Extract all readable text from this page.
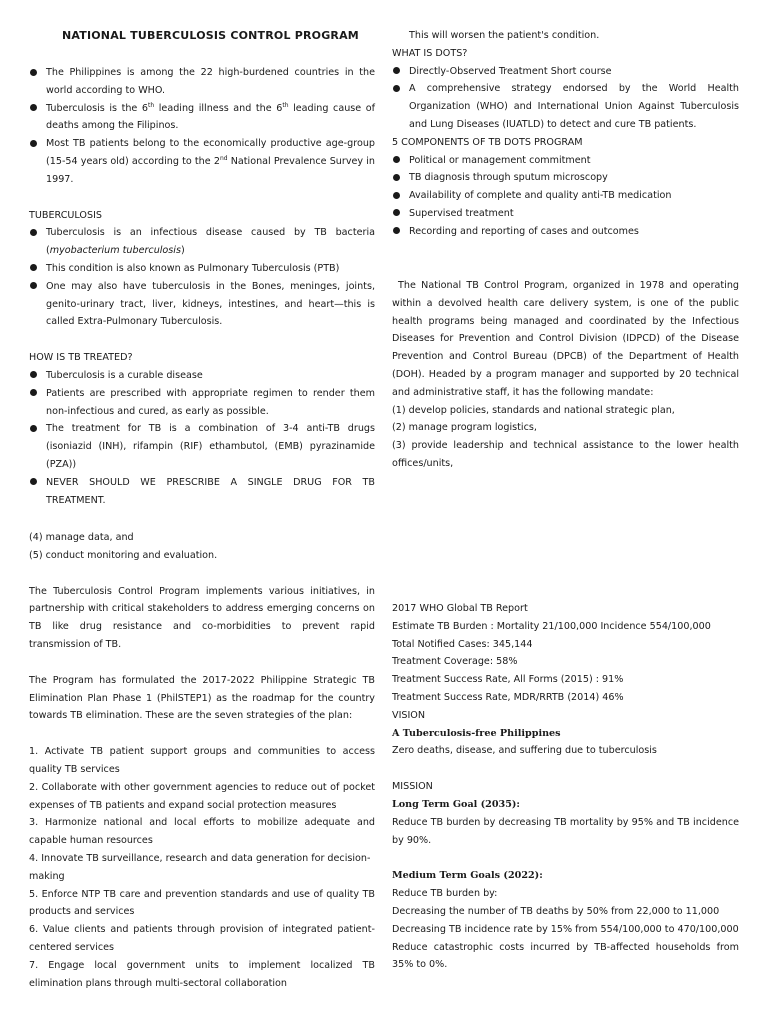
NATIONAL TUBERCULOSIS CONTROL PROGRAM
The Philippines is among the 22 high-burdened countries in the world according to WHO.
Tuberculosis is the 6th leading illness and the 6th leading cause of deaths among the Filipinos.
Most TB patients belong to the economically productive age-group (15-54 years old) according to the 2nd National Prevalence Survey in 1997.

TUBERCULOSIS

Tuberculosis is an infectious disease caused by TB bacteria (myobacterium tuberculosis)
This condition is also known as Pulmonary Tuberculosis (PTB)
One may also have tuberculosis in the Bones, meninges, joints, genito-urinary tract, liver, kidneys, intestines, and heart—this is called Extra-Pulmonary Tuberculosis.

HOW IS TB TREATED?

Tuberculosis is a curable disease
Patients are prescribed with appropriate regimen to render them non-infectious and cured, as early as possible.
The treatment for TB is a combination of 3-4 anti-TB drugs (isoniazid (INH), rifampin (RIF) ethambutol, (EMB) pyrazinamide (PZA))
NEVER SHOULD WE PRESCRIBE A SINGLE DRUG FOR TB TREATMENT.

This will worsen the patient's condition.

WHAT IS DOTS?

Directly-Observed Treatment Short course
A comprehensive strategy endorsed by the World Health Organization (WHO) and International Union Against Tuberculosis and Lung Diseases (IUATLD) to detect and cure TB patients.

5 COMPONENTS OF TB DOTS PROGRAM

Political or management commitment
TB diagnosis through sputum microscopy
Availability of complete and quality anti-TB medication
Supervised treatment
Recording and reporting of cases and outcomes

The National TB Control Program, organized in 1978 and operating within a devolved health care delivery system, is one of the public health programs being managed and coordinated by the Infectious Diseases for Prevention and Control Division (IDPCD) of the Disease Prevention and Control Bureau (DPCB) of the Department of Health (DOH). Headed by a program manager and supported by 20 technical and administrative staff, it has the following mandate:

(1) develop policies, standards and national strategic plan,

(2) manage program logistics,

(3) provide leadership and technical assistance to the lower health offices/units,

(4) manage data, and

(5) conduct monitoring and evaluation.

The Tuberculosis Control Program implements various initiatives, in partnership with critical stakeholders to address emerging concerns on TB like drug resistance and co-morbidities to prevent rapid transmission of TB.

The Program has formulated the 2017-2022 Philippine Strategic TB Elimination Plan Phase 1 (PhilSTEP1) as the roadmap for the country towards TB elimination. These are the seven strategies of the plan:

1. Activate TB patient support groups and communities to access quality TB services

2. Collaborate with other government agencies to reduce out of pocket expenses of TB patients and expand social protection measures

3. Harmonize national and local efforts to mobilize adequate and capable human resources

4. Innovate TB surveillance, research and data generation for decision-making

5. Enforce NTP TB care and prevention standards and use of quality TB products and services

6. Value clients and patients through provision of integrated patient-centered services

7. Engage local government units to implement localized TB elimination plans through multi-sectoral collaboration

2017 WHO Global TB Report

Estimate TB Burden : Mortality 21/100,000 Incidence 554/100,000

Total Notified Cases: 345,144

Treatment Coverage: 58%

Treatment Success Rate, All Forms (2015) : 91%

Treatment Success Rate, MDR/RRTB (2014) 46%

VISION

A Tuberculosis-free Philippines

Zero deaths, disease, and suffering due to tuberculosis

MISSION

Long Term Goal (2035):

Reduce TB burden by decreasing TB mortality by 95% and TB incidence by 90%.

Medium Term Goals (2022):

Reduce TB burden by:

Decreasing the number of TB deaths by 50% from 22,000 to 11,000

Decreasing TB incidence rate by 15% from 554/100,000 to 470/100,000

Reduce catastrophic costs incurred by TB-affected households from 35% to 0%.
